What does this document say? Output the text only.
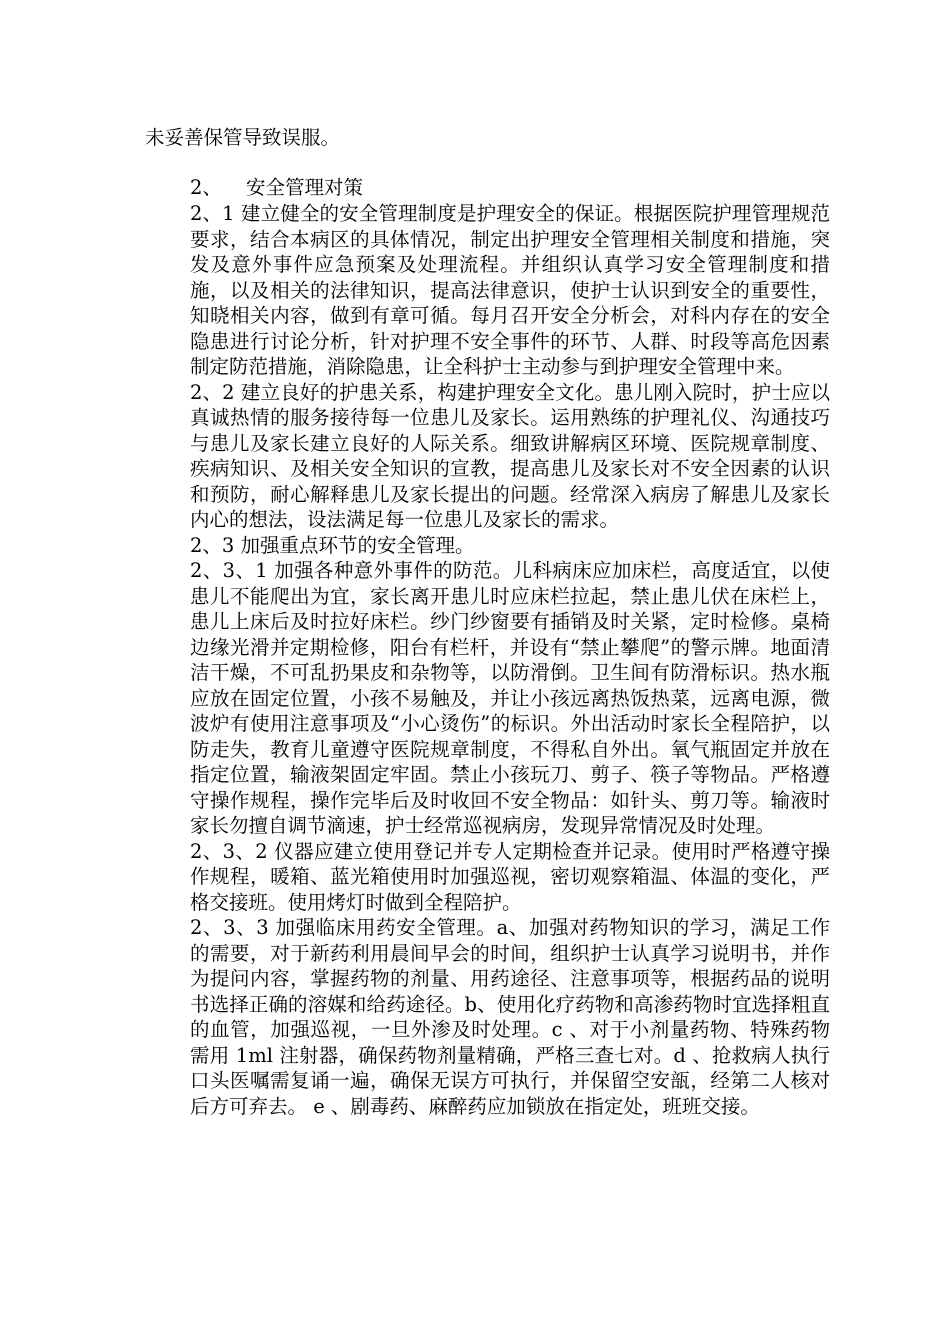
未妥善保管导致误服。
2、 安全管理对策

2、1 建立健全的安全管理制度是护理安全的保证。根据医院护理管理规范要求，结合本病区的具体情况，制定出护理安全管理相关制度和措施，突发及意外事件应急预案及处理流程。并组织认真学习安全管理制度和措施，以及相关的法律知识，提高法律意识，使护士认识到安全的重要性，知晓相关内容，做到有章可循。每月召开安全分析会，对科内存在的安全隐患进行讨论分析，针对护理不安全事件的环节、人群、时段等高危因素制定防范措施，消除隐患，让全科护士主动参与到护理安全管理中来。

2、2 建立良好的护患关系，构建护理安全文化。患儿刚入院时，护士应以真诚热情的服务接待每一位患儿及家长。运用熟练的护理礼仪、沟通技巧与患儿及家长建立良好的人际关系。细致讲解病区环境、医院规章制度、疾病知识、及相关安全知识的宣教，提高患儿及家长对不安全因素的认识和预防，耐心解释患儿及家长提出的问题。经常深入病房了解患儿及家长内心的想法，设法满足每一位患儿及家长的需求。

2、3 加强重点环节的安全管理。

2、3、1 加强各种意外事件的防范。儿科病床应加床栏，高度适宜，以使患儿不能爬出为宜，家长离开患儿时应床栏拉起，禁止患儿伏在床栏上，患儿上床后及时拉好床栏。纱门纱窗要有插销及时关紧，定时检修。桌椅边缘光滑并定期检修，阳台有栏杆，并设有“禁止攀爬”的警示牌。地面清洁干燥，不可乱扔果皮和杂物等，以防滑倒。卫生间有防滑标识。热水瓶应放在固定位置，小孩不易触及，并让小孩远离热饭热菜，远离电源，微波炉有使用注意事项及“小心烫伤”的标识。外出活动时家长全程陪护，以防走失，教育儿童遵守医院规章制度，不得私自外出。氧气瓶固定并放在指定位置，输液架固定牢固。禁止小孩玩刀、剪子、筷子等物品。严格遵守操作规程，操作完毕后及时收回不安全物品：如针头、剪刀等。输液时家长勿擅自调节滴速，护士经常巡视病房，发现异常情况及时处理。

2、3、2 仪器应建立使用登记并专人定期检查并记录。使用时严格遵守操作规程，暖箱、蓝光箱使用时加强巡视，密切观察箱温、体温的变化，严格交接班。使用烤灯时做到全程陪护。

2、3、3 加强临床用药安全管理。a、加强对药物知识的学习，满足工作的需要，对于新药利用晨间早会的时间，组织护士认真学习说明书，并作为提问内容，掌握药物的剂量、用药途径、注意事项等，根据药品的说明书选择正确的溶媒和给药途径。b、使用化疗药物和高渗药物时宜选择粗直的血管，加强巡视，一旦外渗及时处理。c 、对于小剂量药物、特殊药物需用 1ml 注射器，确保药物剂量精确，严格三查七对。d 、抢救病人执行口头医嘱需复诵一遍，确保无误方可执行，并保留空安瓿，经第二人核对后方可弃去。 e 、剧毒药、麻醉药应加锁放在指定处，班班交接。
